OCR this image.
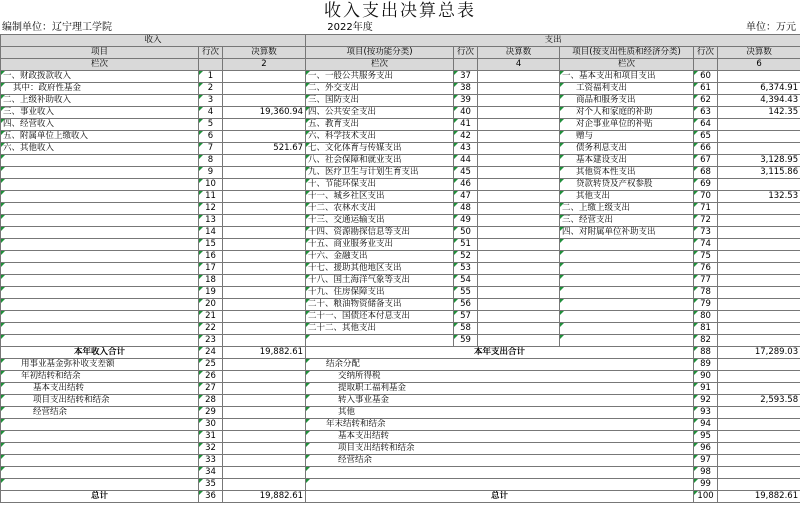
收入支出决算总表
编制单位：辽宁理工学院	2022年度	单位：万元
收入			支出					
项目	行次	决算数	项目(按功能分类)	行次	决算数	项目(按支出性质和经济分类)	行次	决算数
栏次		2	栏次		4	栏次		6
一、财政拨款收入	1		一、一般公共服务支出	37		一、基本支出和项目支出	60	
其中：政府性基金	2		二、外交支出	38		工资福利支出	61	6,374.91
二、上级补助收入	3		三、国防支出	39		商品和服务支出	62	4,394.43
三、事业收入	4	19,360.94	四、公共安全支出	40		对个人和家庭的补助	63	142.35
四、经营收入	5		五、教育支出	41		对企事业单位的补贴	64	
五、附属单位上缴收入	6		六、科学技术支出	42		赠与	65	
六、其他收入	7	521.67	七、文化体育与传媒支出	43		债务利息支出	66	
	8		八、社会保障和就业支出	44		基本建设支出	67	3,128.95
	9		九、医疗卫生与计划生育支出	45		其他资本性支出	68	3,115.86
	10		十、节能环保支出	46		贷款转贷及产权参股	69	
	11		十一、城乡社区支出	47		其他支出	70	132.53
	12		十二、农林水支出	48		二、上缴上级支出	71	
	13		十三、交通运输支出	49		三、经营支出	72	
	14		十四、资源勘探信息等支出	50		四、对附属单位补助支出	73	
	15		十五、商业服务业支出	51			74	
	16		十六、金融支出	52			75	
	17		十七、援助其他地区支出	53			76	
	18		十八、国土海洋气象等支出	54			77	
	19		十九、住房保障支出	55			78	
	20		二十、粮油物资储备支出	56			79	
	21		二十一、国债还本付息支出	57			80	
	22		二十二、其他支出	58			81	
	23			59			82	
本年收入合计	24	19,882.61	本年支出合计				88	17,289.03
用事业基金弥补收支差额	25		结余分配				89	
年初结转和结余	26		交纳所得税				90	
基本支出结转	27		提取职工福利基金				91	
项目支出结转和结余	28		转入事业基金				92	2,593.58
经营结余	29		其他				93	
	30		年末结转和结余				94	
	31		基本支出结转				95	
	32		项目支出结转和结余				96	
	33		经营结余				97	
	34						98	
	35						99	
总计	36	19,882.61	总计				100	19,882.61
